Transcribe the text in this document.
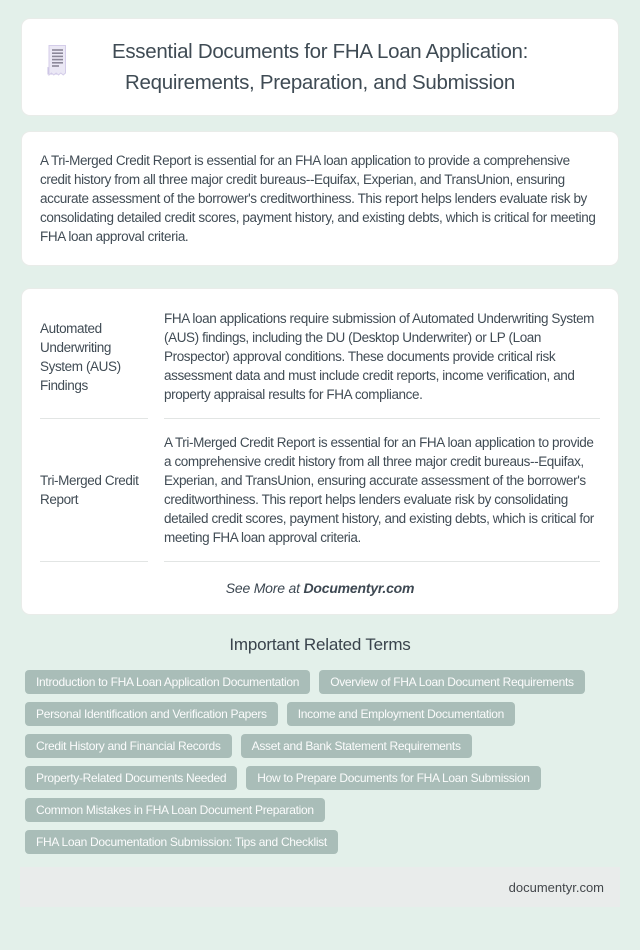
Essential Documents for FHA Loan Application:
Requirements, Preparation, and Submission

A Tri-Merged Credit Report is essential for an FHA loan application to provide a comprehensive credit history from all three major credit bureaus--Equifax, Experian, and TransUnion, ensuring accurate assessment of the borrower's creditworthiness. This report helps lenders evaluate risk by consolidating detailed credit scores, payment history, and existing debts, which is critical for meeting FHA loan approval criteria.

Automated Underwriting System (AUS) Findings
FHA loan applications require submission of Automated Underwriting System (AUS) findings, including the DU (Desktop Underwriter) or LP (Loan Prospector) approval conditions. These documents provide critical risk assessment data and must include credit reports, income verification, and property appraisal results for FHA compliance.
Tri-Merged Credit Report
A Tri-Merged Credit Report is essential for an FHA loan application to provide a comprehensive credit history from all three major credit bureaus--Equifax, Experian, and TransUnion, ensuring accurate assessment of the borrower's creditworthiness. This report helps lenders evaluate risk by consolidating detailed credit scores, payment history, and existing debts, which is critical for meeting FHA loan approval criteria.
See More at Documentyr.com
Important Related Terms
Introduction to FHA Loan Application Documentation	Overview of FHA Loan Document Requirements
Personal Identification and Verification Papers	Income and Employment Documentation
Credit History and Financial Records	Asset and Bank Statement Requirements
Property-Related Documents Needed	How to Prepare Documents for FHA Loan Submission
Common Mistakes in FHA Loan Document Preparation
FHA Loan Documentation Submission: Tips and Checklist
documentyr.com
